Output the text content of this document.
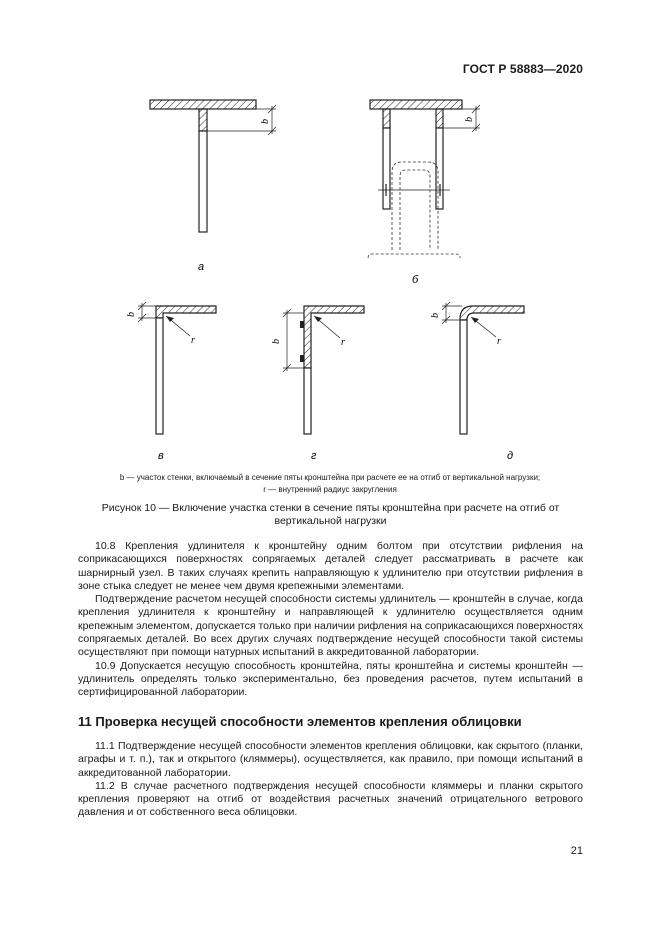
ГОСТ Р 58883—2020
b
а
b
б
b
r
в
b	r
г
b
r
д
b — участок стенки, включаемый в сечение пяты кронштейна при расчете ее на отгиб от вертикальной нагрузки;
r — внутренний радиус закругления
Рисунок 10 — Включение участка стенки в сечение пяты кронштейна при расчете на отгиб от вертикальной нагрузки

10.8 Крепления удлинителя к кронштейну одним болтом при отсутствии рифления на соприкасающихся поверхностях сопрягаемых деталей следует рассматривать в расчете как шарнирный узел. В таких случаях крепить направляющую к удлинителю при отсутствии рифления в зоне стыка следует не менее чем двумя крепежными элементами.

Подтверждение расчетом несущей способности системы удлинитель — кронштейн в случае, когда крепления удлинителя к кронштейну и направляющей к удлинителю осуществляется одним крепежным элементом, допускается только при наличии рифления на соприкасающихся поверхностях сопрягаемых деталей. Во всех других случаях подтверждение несущей способности такой системы осуществляют при помощи натурных испытаний в аккредитованной лаборатории.

10.9 Допускается несущую способность кронштейна, пяты кронштейна и системы кронштейн — удлинитель определять только экспериментально, без проведения расчетов, путем испытаний в сертифицированной лаборатории.

11 Проверка несущей способности элементов крепления облицовки

11.1 Подтверждение несущей способности элементов крепления облицовки, как скрытого (планки, аграфы и т. п.), так и открытого (кляммеры), осуществляется, как правило, при помощи испытаний в аккредитованной лаборатории.

11.2 В случае расчетного подтверждения несущей способности кляммеры и планки скрытого крепления проверяют на отгиб от воздействия расчетных значений отрицательного ветрового давления и от собственного веса облицовки.

21
